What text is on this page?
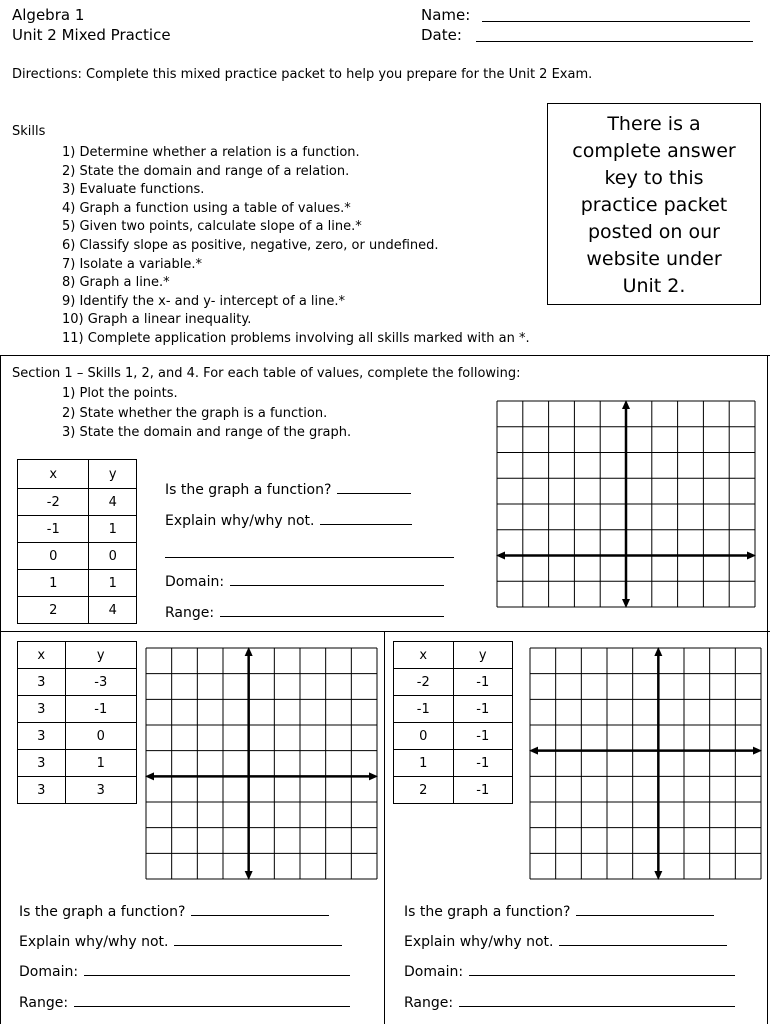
Algebra 1
Unit 2 Mixed Practice
Name:
Date:
Directions: Complete this mixed practice packet to help you prepare for the Unit 2 Exam.
Skills
1) Determine whether a relation is a function.
2) State the domain and range of a relation.
3) Evaluate functions.
4) Graph a function using a table of values.*
5) Given two points, calculate slope of a line.*
6) Classify slope as positive, negative, zero, or undefined.
7) Isolate a variable.*
8) Graph a line.*
9) Identify the x- and y- intercept of a line.*
10) Graph a linear inequality.
11) Complete application problems involving all skills marked with an *.
There is a
complete answer
key to this
practice packet
posted on our
website under
Unit 2.
Section 1 – Skills 1, 2, and 4. For each table of values, complete the following:
1) Plot the points.
2) State whether the graph is a function.
3) State the domain and range of the graph.
x	y
-2	4
-1	1
0	0
1	1
2	4
Is the graph a function?
Explain why/why not.
Domain:
Range:
x	y
3	-3
3	-1
3	0
3	1
3	3
Is the graph a function?
Explain why/why not.
Domain:
Range:
x	y
-2	-1
-1	-1
0	-1
1	-1
2	-1
Is the graph a function?
Explain why/why not.
Domain:
Range:
